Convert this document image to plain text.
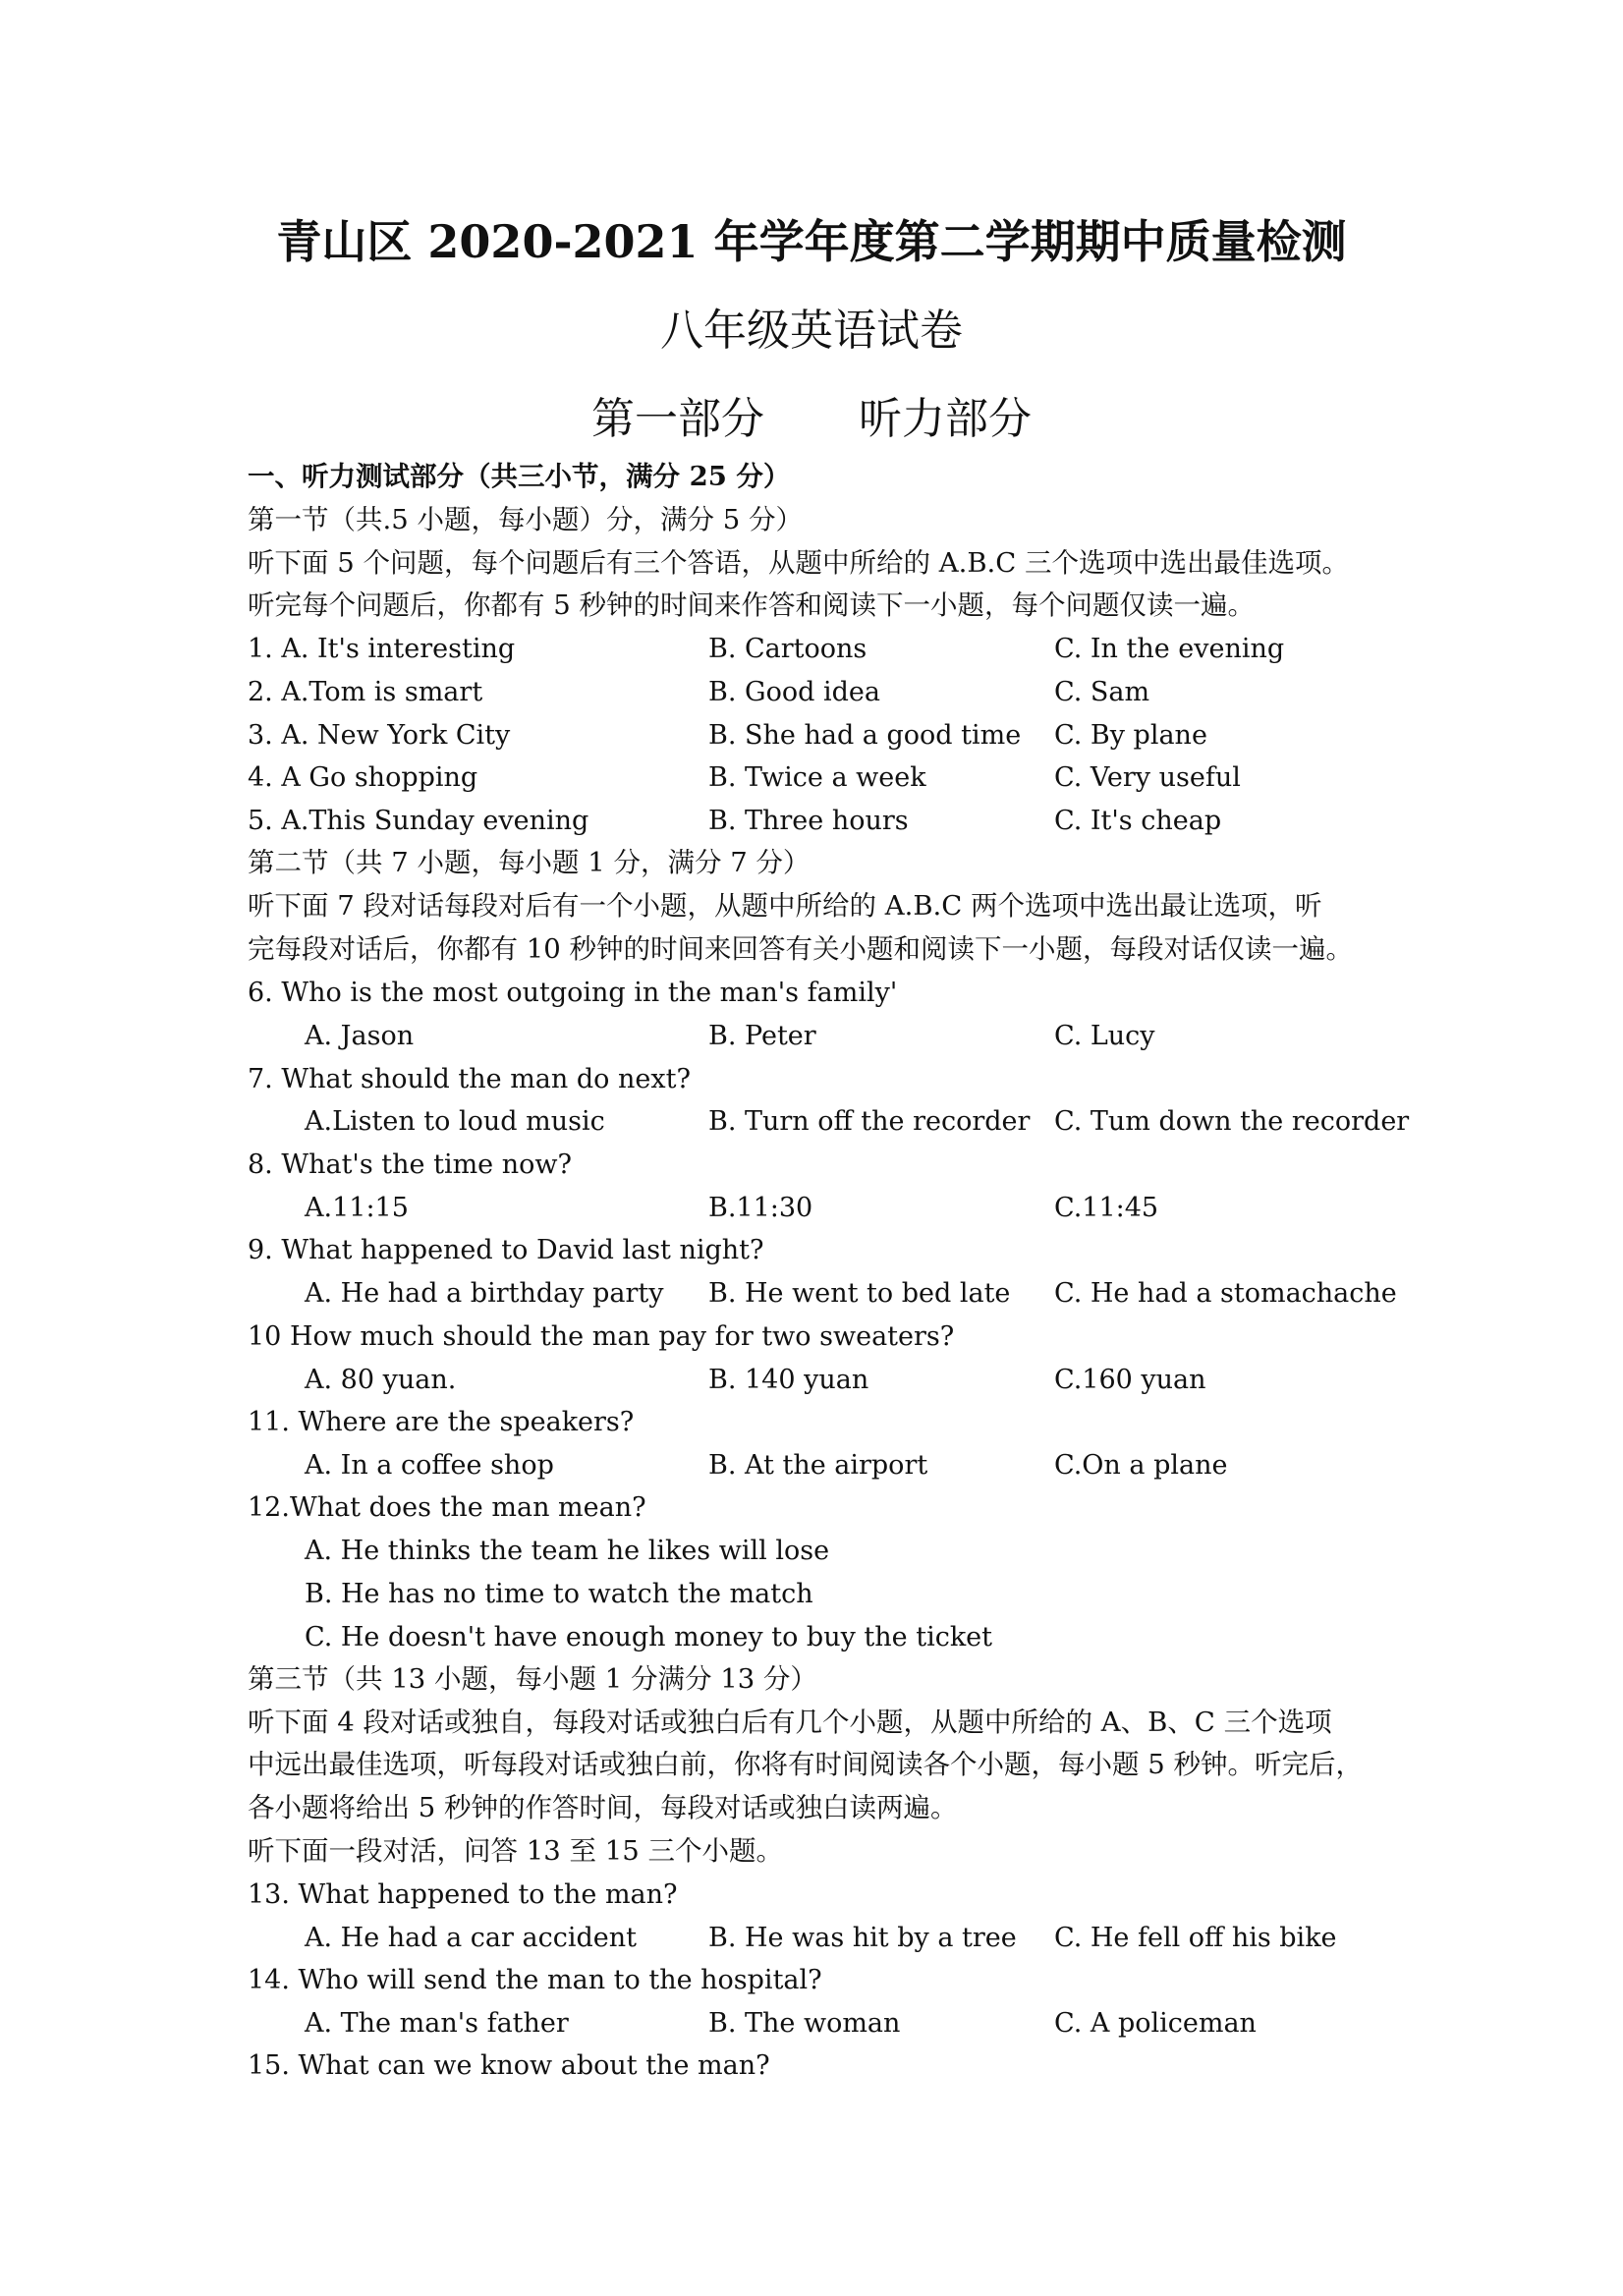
青山区 2020-2021 年学年度第二学期期中质量检测
八年级英语试卷
第一部分 听力部分
一、听力测试部分（共三小节，满分 25 分）
第一节（共.5 小题，每小题）分，满分 5 分）
听下面 5 个问题，每个问题后有三个答语，从题中所给的 A.B.C 三个选项中选出最佳选项。
听完每个问题后，你都有 5 秒钟的时间来作答和阅读下一小题，每个问题仅读一遍。
1. A. It's interesting	B. Cartoons	C. In the evening
2. A.Tom is smart	B. Good idea	C. Sam
3. A. New York City	B. She had a good time C. By plane
4. A Go shopping	B. Twice a week	C. Very useful
5. A.This Sunday evening	B. Three hours	C. It's cheap
第二节（共 7 小题，每小题 1 分，满分 7 分）
听下面 7 段对话每段对后有一个小题，从题中所给的 A.B.C 两个选项中选出最让选项，听
完每段对话后，你都有 10 秒钟的时间来回答有关小题和阅读下一小题，每段对话仅读一遍。
6. Who is the most outgoing in the man's family'
A. Jason	B. Peter	C. Lucy
7. What should the man do next?
A.Listen to loud music	B. Turn off the recorder C. Tum down the recorder
8. What's the time now?
A.11:15	B.11:30	C.11:45
9. What happened to David last night?
A. He had a birthday party B. He went to bed late C. He had a stomachache
10 How much should the man pay for two sweaters?
A. 80 yuan.	B. 140 yuan	C.160 yuan
11. Where are the speakers?
A. In a coffee shop	B. At the airport	C.On a plane
12.What does the man mean?
A. He thinks the team he likes will lose
B. He has no time to watch the match
C. He doesn't have enough money to buy the ticket
第三节（共 13 小题，每小题 1 分满分 13 分）
听下面 4 段对话或独自，每段对话或独白后有几个小题，从题中所给的 A、B、C 三个选项
中远出最佳选项，听每段对话或独白前，你将有时间阅读各个小题，每小题 5 秒钟。听完后，
各小题将给出 5 秒钟的作答时间，每段对话或独白读两遍。
听下面一段对活，问答 13 至 15 三个小题。
13. What happened to the man?
A. He had a car accident	B. He was hit by a tree C. He fell off his bike
14. Who will send the man to the hospital?
A. The man's father	B. The woman	C. A policeman
15. What can we know about the man?
